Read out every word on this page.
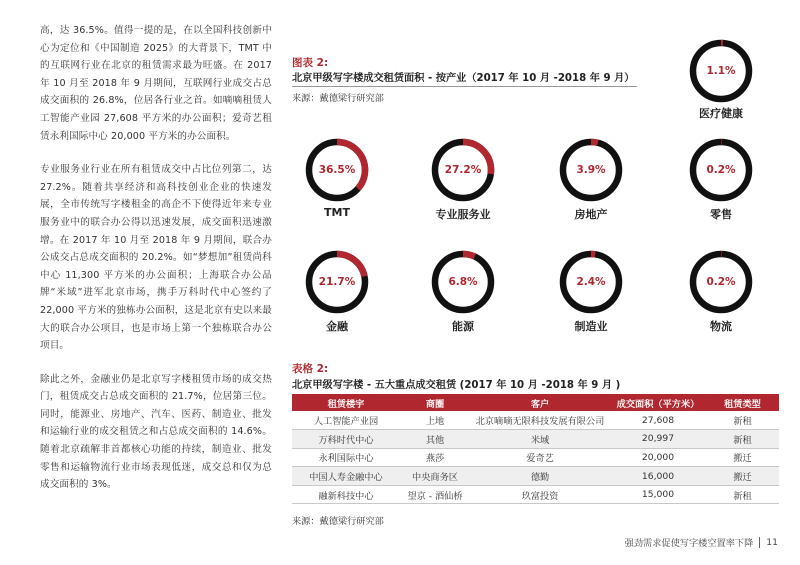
高，达 36.5%。值得一提的是，在以全国科技创新中心为定位和《中国制造 2025》的大背景下，TMT 中的互联网行业在北京的租赁需求最为旺盛。在 2017 年 10 月至 2018 年 9 月期间，互联网行业成交占总成交面积的 26.8%，位居各行业之首。如嘀嘀租赁人工智能产业园 27,608 平方米的办公面积；爱奇艺租赁永利国际中心 20,000 平方米的办公面积。

专业服务业行业在所有租赁成交中占比位列第二，达 27.2%。随着共享经济和高科技创业企业的快速发展，全市传统写字楼租金的高企不下使得近年来专业服务业中的联合办公得以迅速发展，成交面积迅速激增。在 2017 年 10 月至 2018 年 9 月期间，联合办公成交占总成交面积的 20.2%。如“梦想加”租赁尚科中心 11,300 平方米的办公面积；上海联合办公品牌“米域”进军北京市场，携手万科时代中心签约了 22,000 平方米的独栋办公面积，这是北京有史以来最大的联合办公项目，也是市场上第一个独栋联合办公项目。

除此之外，金融业仍是北京写字楼租赁市场的成交热门，租赁成交占总成交面积的 21.7%，位居第三位。同时，能源业、房地产、汽车、医药、制造业、批发和运输行业的成交租赁之和占总成交面积的 14.6%。随着北京疏解非首都核心功能的持续，制造业、批发零售和运输物流行业市场表现低迷，成交总和仅为总成交面积的 3%。

图表 2:
北京甲级写字楼成交租赁面积 - 按产业（2017 年 10 月 -2018 年 9 月）
来源：戴德梁行研究部
1.1%
医疗健康
36.5%
TMT
27.2%
专业服务业
3.9%
房地产
0.2%
零售
21.7%
金融
6.8%
能源
2.4%
制造业
0.2%
物流
表格 2:
北京甲级写字楼 - 五大重点成交租赁 (2017 年 10 月 -2018 年 9 月 )
租赁楼宇	商圈	客户	成交面积（平方米）	租赁类型
人工智能产业园	上地	北京嘀嘀无限科技发展有限公司	27,608	新租
万科时代中心	其他	米域	20,997	新租
永利国际中心	燕莎	爱奇艺	20,000	搬迁
中国人寿金融中心	中央商务区	德勤	16,000	搬迁
融新科技中心	望京 - 酒仙桥	玖富投资	15,000	新租
来源：戴德梁行研究部
强劲需求促使写字楼空置率下降 11
